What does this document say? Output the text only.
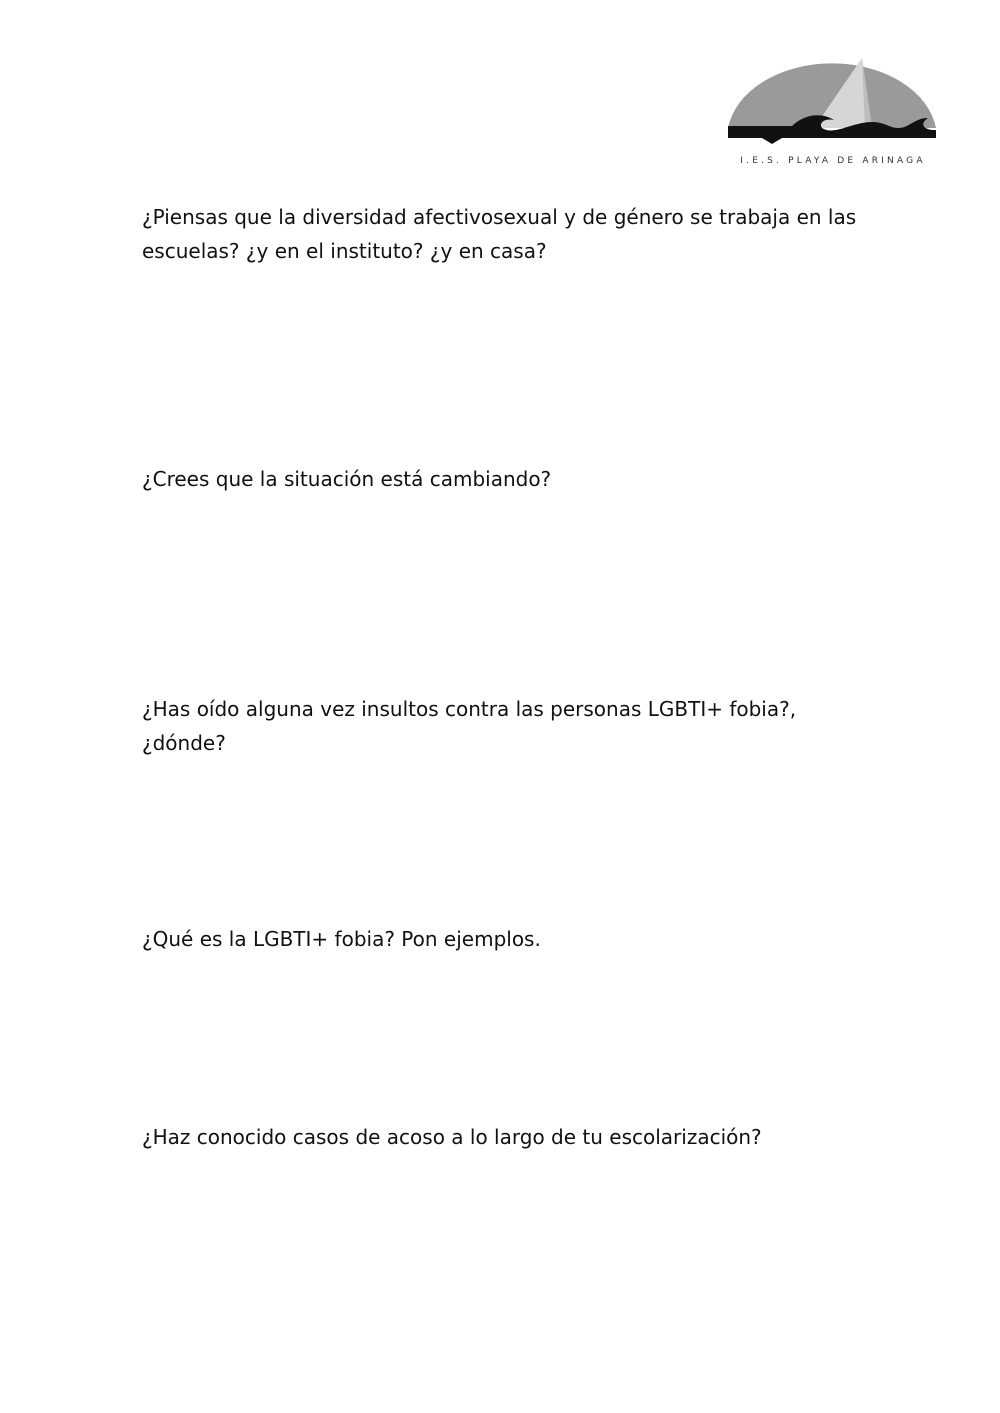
I.E.S. PLAYA DE ARINAGA

¿Piensas que la diversidad afectivosexual y de género se trabaja en las escuelas? ¿y en el instituto? ¿y en casa?

¿Crees que la situación está cambiando?

¿Has oído alguna vez insultos contra las personas LGBTI+ fobia?, ¿dónde?

¿Qué es la LGBTI+ fobia? Pon ejemplos.

¿Haz conocido casos de acoso a lo largo de tu escolarización?
